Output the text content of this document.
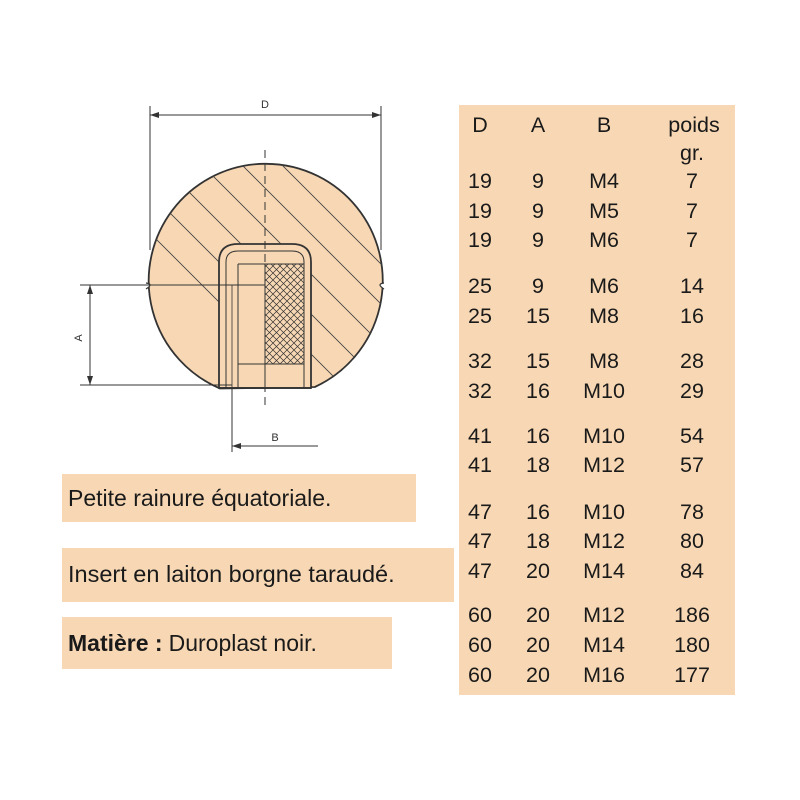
D
A
B
Petite rainure équatoriale.
Insert en laiton borgne taraudé.
Matière : Duroplast noir.
D A B	poids
gr.
19 9 M4	7
19 9 M5	7
19 9 M6	7
25 9 M6	14
25 15 M8	16
32 15 M8	28
32 16 M10	29
41 16 M10	54
41 18 M12	57
47 16 M10	78
47 18 M12	80
47 20 M14	84
60 20 M12 186
60 20 M14 180
60 20 M16 177
